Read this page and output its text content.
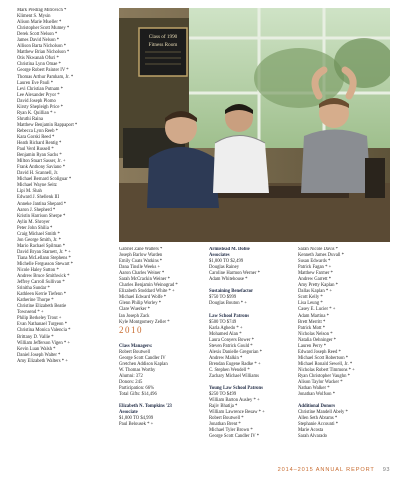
Mark Predrag Mitrovich *
Kliment S. Mysin
Alison Marie Mueller *
Christopher Scott Mumey *
Derek Scott Nelson *
James David Nelson *
Allison Barta Nicholson *
Matthew Brian Nicholson *
Otis Nkwanah Ofuri *
Christina Lynn Omae *
George Robert Painter IV *
Thomas Arthur Pamham, Jr. *
Lauren Eve Pauli *
Levi Christian Putnam *
Lee Alexander Pryor *
David Joseph Plomo
Kirsty Shepleigh Price *
Ryan K. Quillian * +
Shruthi Raina
Matthew Benjamin Rappaport *
Rebecca Lynn Reeb *
Kara Gorski Reed *
Heath Richard Rentig *
Paul Verd Russell *
Benjamin Ryan Sachs *
Milton Stuart Sasser, Jr. +
Frank Anthony Saviano *
David H. Scannell, Jr.
Michael Bernard Scoliguar *
Michael Wayne Seitz
Lipi M. Shah
Edward J. Shellenk III
Anneke Jantina Shepard *
Aaron J. Shepherd *
Kristin Harrison Sherpe *
Aylin M. Shroyer
Peter John Shilia *
Craig Michael Smith *
Jon George Smith, Jr. *
Mario Rachael Spilman *
David Bryan Starnett, Jr. * +
Tiana McLellann Stephens *
Michelle Fergusson Stewart *
Nicole Haley Sutton *
Andrew Bruce Smithwick *
Jeffrey Carroll Sullivan *
Srinitha Sundar *
Kathleen Kerrie Tiefenn *
Katherine Thorpe *
Christine Elizabeth Beatie
Townsend * +
Philip Berkeley Trout +
Evan Nathanael Turgeon *
Christina Monica Valencia *
Brittany D. Vallie *
William Jefferson Vigen * +
Kevin Luan Walsh *
Daniel Joseph Walter *
Amy Elizabeth Walters * +
Class of 1990
Fitness Room
Gabriel Zane Walters *
Joseph Barlow Warden
Emily Coats Watkins *
Dana Tinslle Weeks +
Aaron Charles Weiner *
Sarah McCrackin Weiner *
Charles Benjamin Weinograd *
Elizabeth Stoddard White * +
Michael Edward Wolfe *
Glenn Philip Worley *
Clare Wuerker *
Ian Joseph Zack
Kyle Montgomery Zeller *
Class Managers:
Robert Boutwell
George Scott Candler IV
Gretchen Addison Kaplan
W. Thomas Worthy
Alumni: 372
Donors: 245
Participation: 66%
Total Gifts: $14,496
Elizabeth N. Tompkins '23
Associate
$1,000 TO $4,999
Paul Belousek * +
2010
Armistead M. Dobie
Associates
$1,000 TO $2,499
Douglas Rainey
Caroline Harmon Werner *
Adam Whitehouse *
Sustaining Benefactor
$750 TO $999
Douglas Bouton * +
Law School Patrons
$500 TO $749
Karla Aghedo * +
Mohamed Alan *
Laura Conyers Bower *
Steven Patrick Gould *
Alexis Danielle Gregorian *
Andrew Malkin *
Brendan Eugene Radke * +
C. Stephen Wendell *
Zachary Michael Williams
Young Law School Patrons
$250 TO $499
William Barton Ausley * +
Rajiv Bhatija *
William Lawrence Besaw * +
Robert Boutwell *
Jonathan Brent *
Michael Tyler Brown *
George Scott Candler IV *
Sarah Nicole Davis *
Kenneth James Duvall *
Susan Edwards *
Patrick Fagan * +
Matthew Farmer *
Andrew Garrett *
Amy Pretty Kaplan *
Dallas Kaplan * +
Scott Kelly *
Lisa Leung *
Casey E. Lucier * +
Adam Martina *
Brett Merritt *
Patrick Mott *
Nicholas Nelson *
Natalia Oehninger *
Lauren Perry *
Edward Joseph Reed *
Michael Scott Robertson *
Michael Ronald Sewell, Jr. *
Nicholas Robert Timmons * +
Ryan Christopher Vaughn *
Alison Taylor Wacker *
Nathan Walker *
Jonathan Wolfson *
Additional Donors
Christine Mandell Abely *
Allen Seth Abrams *
Stephanie Accounti *
Marie Acosta
Sarah Alvarado
2014–2015 ANNUAL REPORT 93
